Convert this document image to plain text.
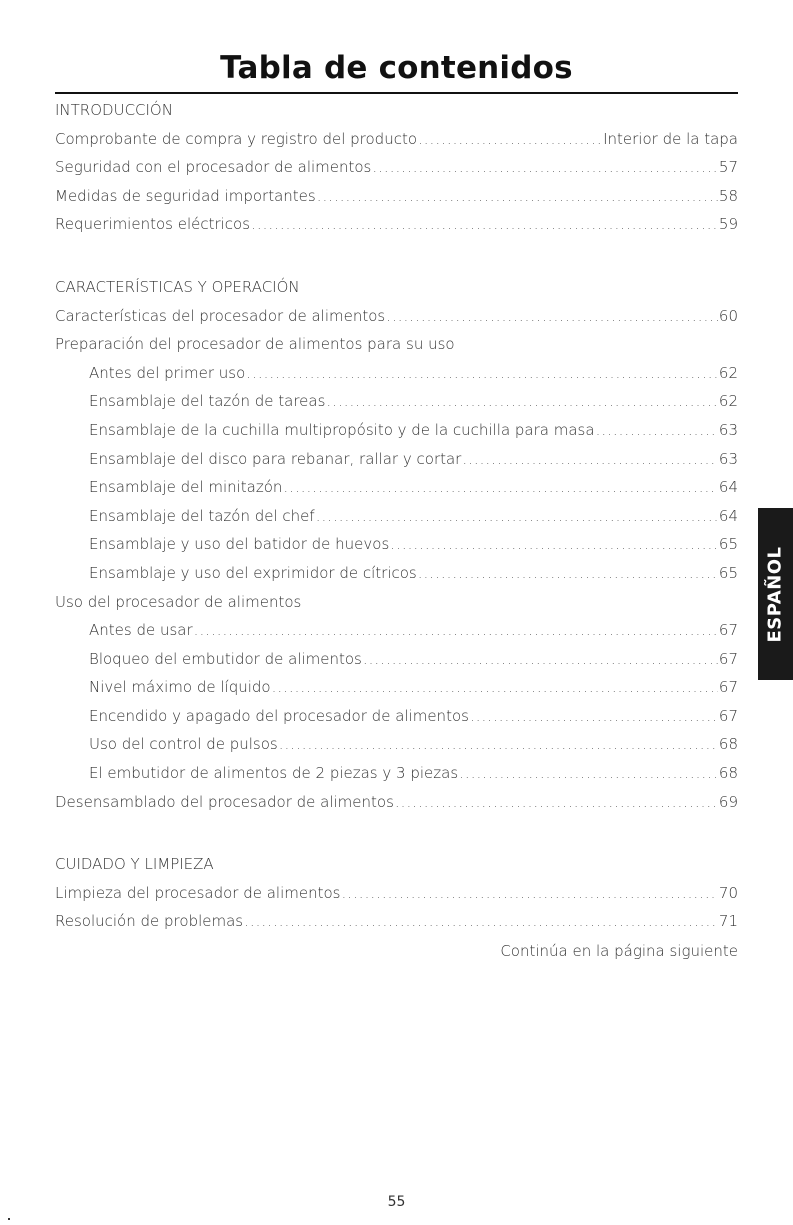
Tabla de contenidos
INTRODUCCIÓN
Comprobante de compra y registro del producto .....	Interior de la tapa
Seguridad con el procesador de alimentos .....	57
Medidas de seguridad importantes .....	58
Requerimientos eléctricos .....	59
CARACTERÍSTICAS Y OPERACIÓN
Características del procesador de alimentos .....	60
Preparación del procesador de alimentos para su uso
Antes del primer uso .....	62
Ensamblaje del tazón de tareas .....	62
Ensamblaje de la cuchilla multipropósito y de la cuchilla para masa .....	63
Ensamblaje del disco para rebanar, rallar y cortar .....	63
Ensamblaje del minitazón .....	64
Ensamblaje del tazón del chef .....	64
Ensamblaje y uso del batidor de huevos .....	65
Ensamblaje y uso del exprimidor de cítricos .....	65
Uso del procesador de alimentos
Antes de usar .....	67
Bloqueo del embutidor de alimentos .....	67
Nivel máximo de líquido .....	67
Encendido y apagado del procesador de alimentos .....	67
Uso del control de pulsos .....	68
El embutidor de alimentos de 2 piezas y 3 piezas .....	68
Desensamblado del procesador de alimentos .....	69
CUIDADO Y LIMPIEZA
Limpieza del procesador de alimentos .....	70
Resolución de problemas .....	71
Continúa en la página siguiente
ESPAÑOL
55
